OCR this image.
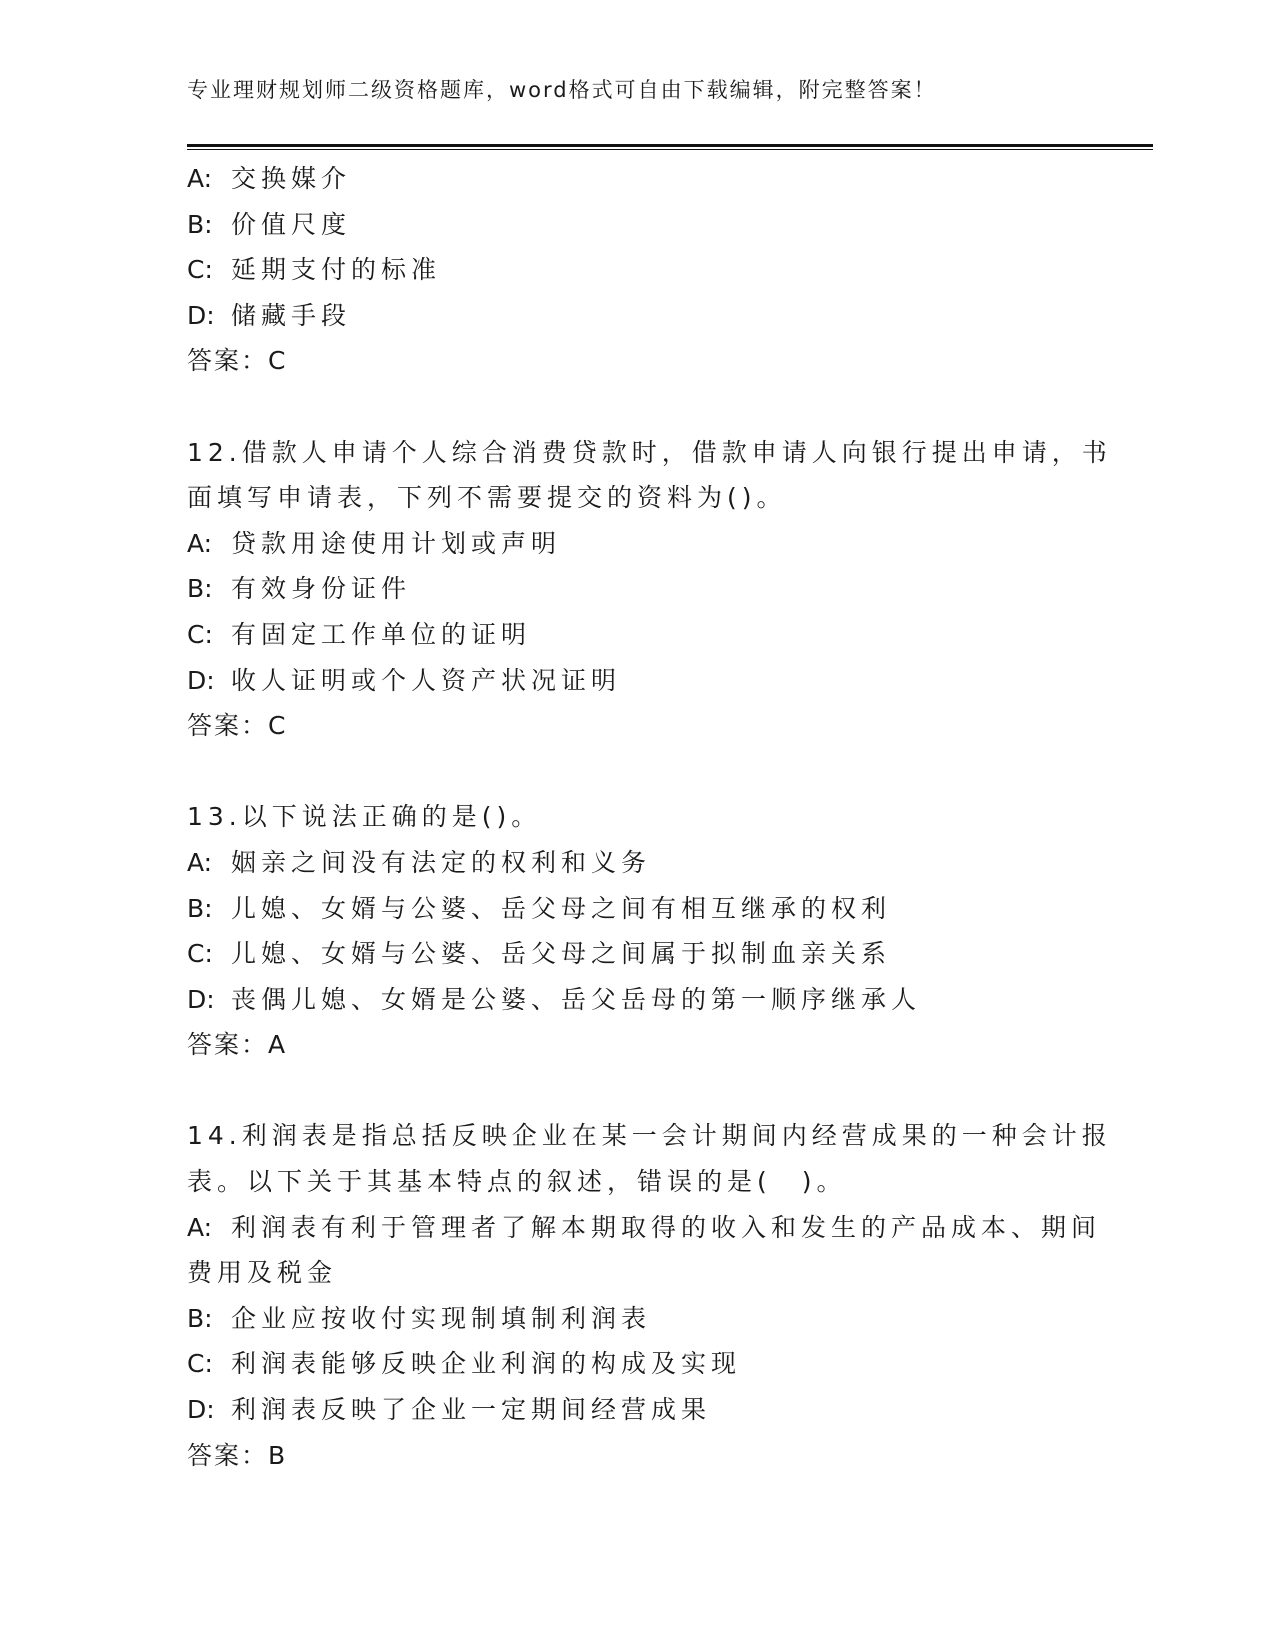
专业理财规划师二级资格题库，word格式可自由下载编辑，附完整答案！
A: 交换媒介
B: 价值尺度
C: 延期支付的标准
D: 储藏手段
答案：C
12.借款人申请个人综合消费贷款时，借款申请人向银行提出申请，书
面填写申请表，下列不需要提交的资料为()。
A: 贷款用途使用计划或声明
B: 有效身份证件
C: 有固定工作单位的证明
D: 收人证明或个人资产状况证明
答案：C
13.以下说法正确的是()。
A: 姻亲之间没有法定的权利和义务
B: 儿媳、女婿与公婆、岳父母之间有相互继承的权利
C: 儿媳、女婿与公婆、岳父母之间属于拟制血亲关系
D: 丧偶儿媳、女婿是公婆、岳父岳母的第一顺序继承人
答案：A
14.利润表是指总括反映企业在某一会计期间内经营成果的一种会计报
表。以下关于其基本特点的叙述，错误的是(　)。
A: 利润表有利于管理者了解本期取得的收入和发生的产品成本、期间
费用及税金
B: 企业应按收付实现制填制利润表
C: 利润表能够反映企业利润的构成及实现
D: 利润表反映了企业一定期间经营成果
答案：B
